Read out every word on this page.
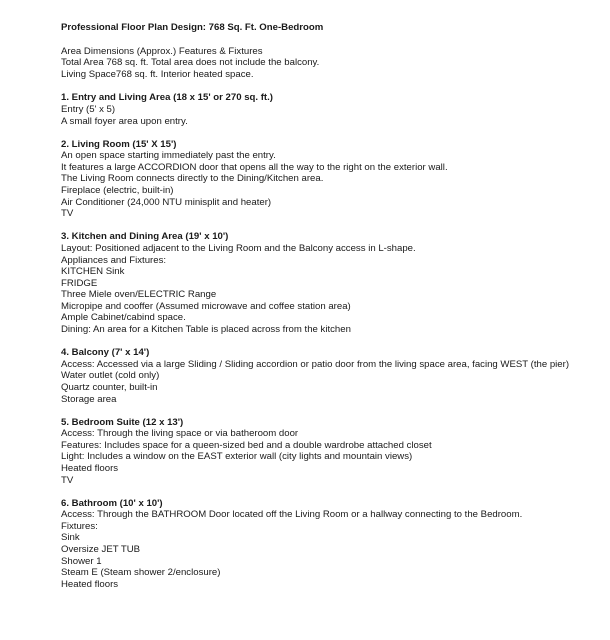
Professional Floor Plan Design: 768 Sq. Ft. One-Bedroom
Area Dimensions (Approx.) Features & Fixtures
Total Area 768 sq. ft. Total area does not include the balcony.
Living Space768 sq. ft. Interior heated space.
1. Entry and Living Area (18 x 15' or 270 sq. ft.)
Entry (5' x 5)
A small foyer area upon entry.
2. Living Room (15' X 15')
An open space starting immediately past the entry.
It features a large ACCORDION door that opens all the way to the right on the exterior wall.
The Living Room connects directly to the Dining/Kitchen area.
Fireplace (electric, built-in)
Air Conditioner (24,000 NTU minisplit and heater)
TV
3. Kitchen and Dining Area (19' x 10')
Layout: Positioned adjacent to the Living Room and the Balcony access in L-shape.
Appliances and Fixtures:
KITCHEN Sink
FRIDGE
Three Miele oven/ELECTRIC Range
Micropipe and cooffer (Assumed microwave and coffee station area)
Ample Cabinet/cabind space.
Dining: An area for a Kitchen Table is placed across from the kitchen
4. Balcony (7' x 14')
Access: Accessed via a large Sliding / Sliding accordion or patio door from the living space area, facing WEST (the pier)
Water outlet (cold only)
Quartz counter, built-in
Storage area
5. Bedroom Suite (12 x 13')
Access: Through the living space or via batheroom door
Features: Includes space for a queen-sized bed and a double wardrobe attached closet
Light: Includes a window on the EAST exterior wall (city lights and mountain views)
Heated floors
TV
6. Bathroom (10' x 10')
Access: Through the BATHROOM Door located off the Living Room or a hallway connecting to the Bedroom.
Fixtures:
Sink
Oversize JET TUB
Shower 1
Steam E (Steam shower 2/enclosure)
Heated floors
